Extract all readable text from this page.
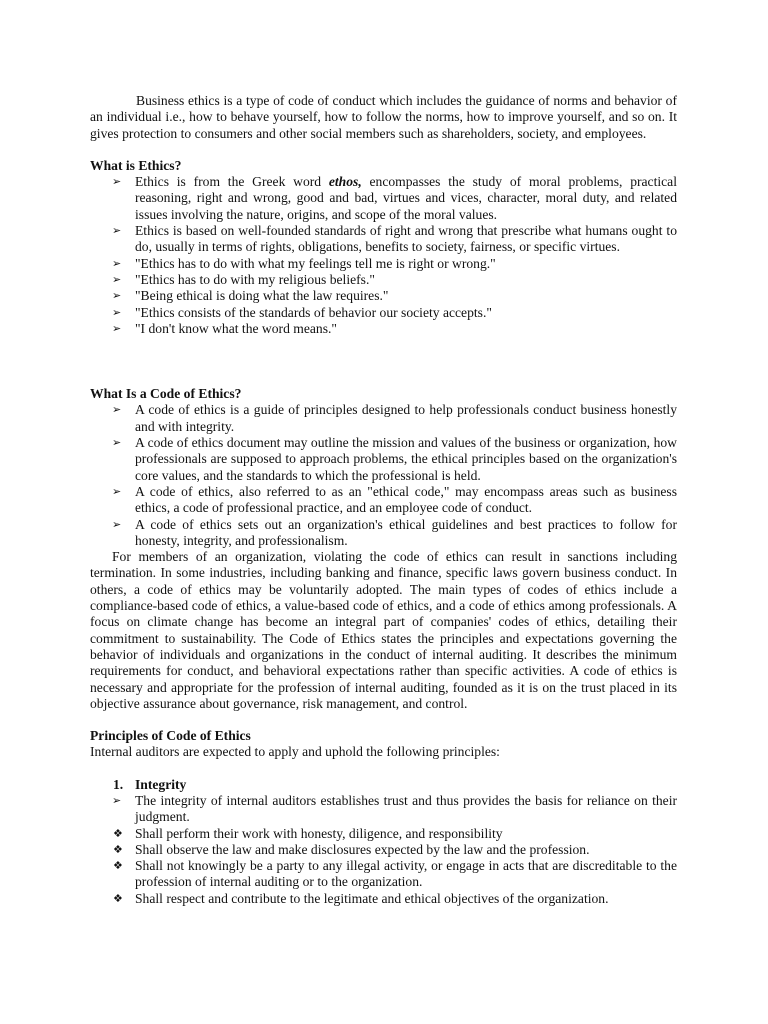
Business ethics is a type of code of conduct which includes the guidance of norms and behavior of an individual i.e., how to behave yourself, how to follow the norms, how to improve yourself, and so on. It gives protection to consumers and other social members such as shareholders, society, and employees.

What is Ethics?
➢ Ethics is from the Greek word ethos, encompasses the study of moral problems, practical reasoning, right and wrong, good and bad, virtues and vices, character, moral duty, and related issues involving the nature, origins, and scope of the moral values.
➢ Ethics is based on well-founded standards of right and wrong that prescribe what humans ought to do, usually in terms of rights, obligations, benefits to society, fairness, or specific virtues.
➢ "Ethics has to do with what my feelings tell me is right or wrong."
➢ "Ethics has to do with my religious beliefs."
➢ "Being ethical is doing what the law requires."
➢ "Ethics consists of the standards of behavior our society accepts."
➢ "I don't know what the word means."
What Is a Code of Ethics?
➢ A code of ethics is a guide of principles designed to help professionals conduct business honestly and with integrity.
➢ A code of ethics document may outline the mission and values of the business or organization, how professionals are supposed to approach problems, the ethical principles based on the organization's core values, and the standards to which the professional is held.
➢ A code of ethics, also referred to as an "ethical code," may encompass areas such as business ethics, a code of professional practice, and an employee code of conduct.
➢ A code of ethics sets out an organization's ethical guidelines and best practices to follow for honesty, integrity, and professionalism.

For members of an organization, violating the code of ethics can result in sanctions including termination. In some industries, including banking and finance, specific laws govern business conduct. In others, a code of ethics may be voluntarily adopted. The main types of codes of ethics include a compliance-based code of ethics, a value-based code of ethics, and a code of ethics among professionals. A focus on climate change has become an integral part of companies' codes of ethics, detailing their commitment to sustainability. The Code of Ethics states the principles and expectations governing the behavior of individuals and organizations in the conduct of internal auditing. It describes the minimum requirements for conduct, and behavioral expectations rather than specific activities. A code of ethics is necessary and appropriate for the profession of internal auditing, founded as it is on the trust placed in its objective assurance about governance, risk management, and control.

Principles of Code of Ethics

Internal auditors are expected to apply and uphold the following principles:

1. Integrity
➢ The integrity of internal auditors establishes trust and thus provides the basis for reliance on their judgment.
❖ Shall perform their work with honesty, diligence, and responsibility
❖ Shall observe the law and make disclosures expected by the law and the profession.
❖ Shall not knowingly be a party to any illegal activity, or engage in acts that are discreditable to the profession of internal auditing or to the organization.
❖ Shall respect and contribute to the legitimate and ethical objectives of the organization.
